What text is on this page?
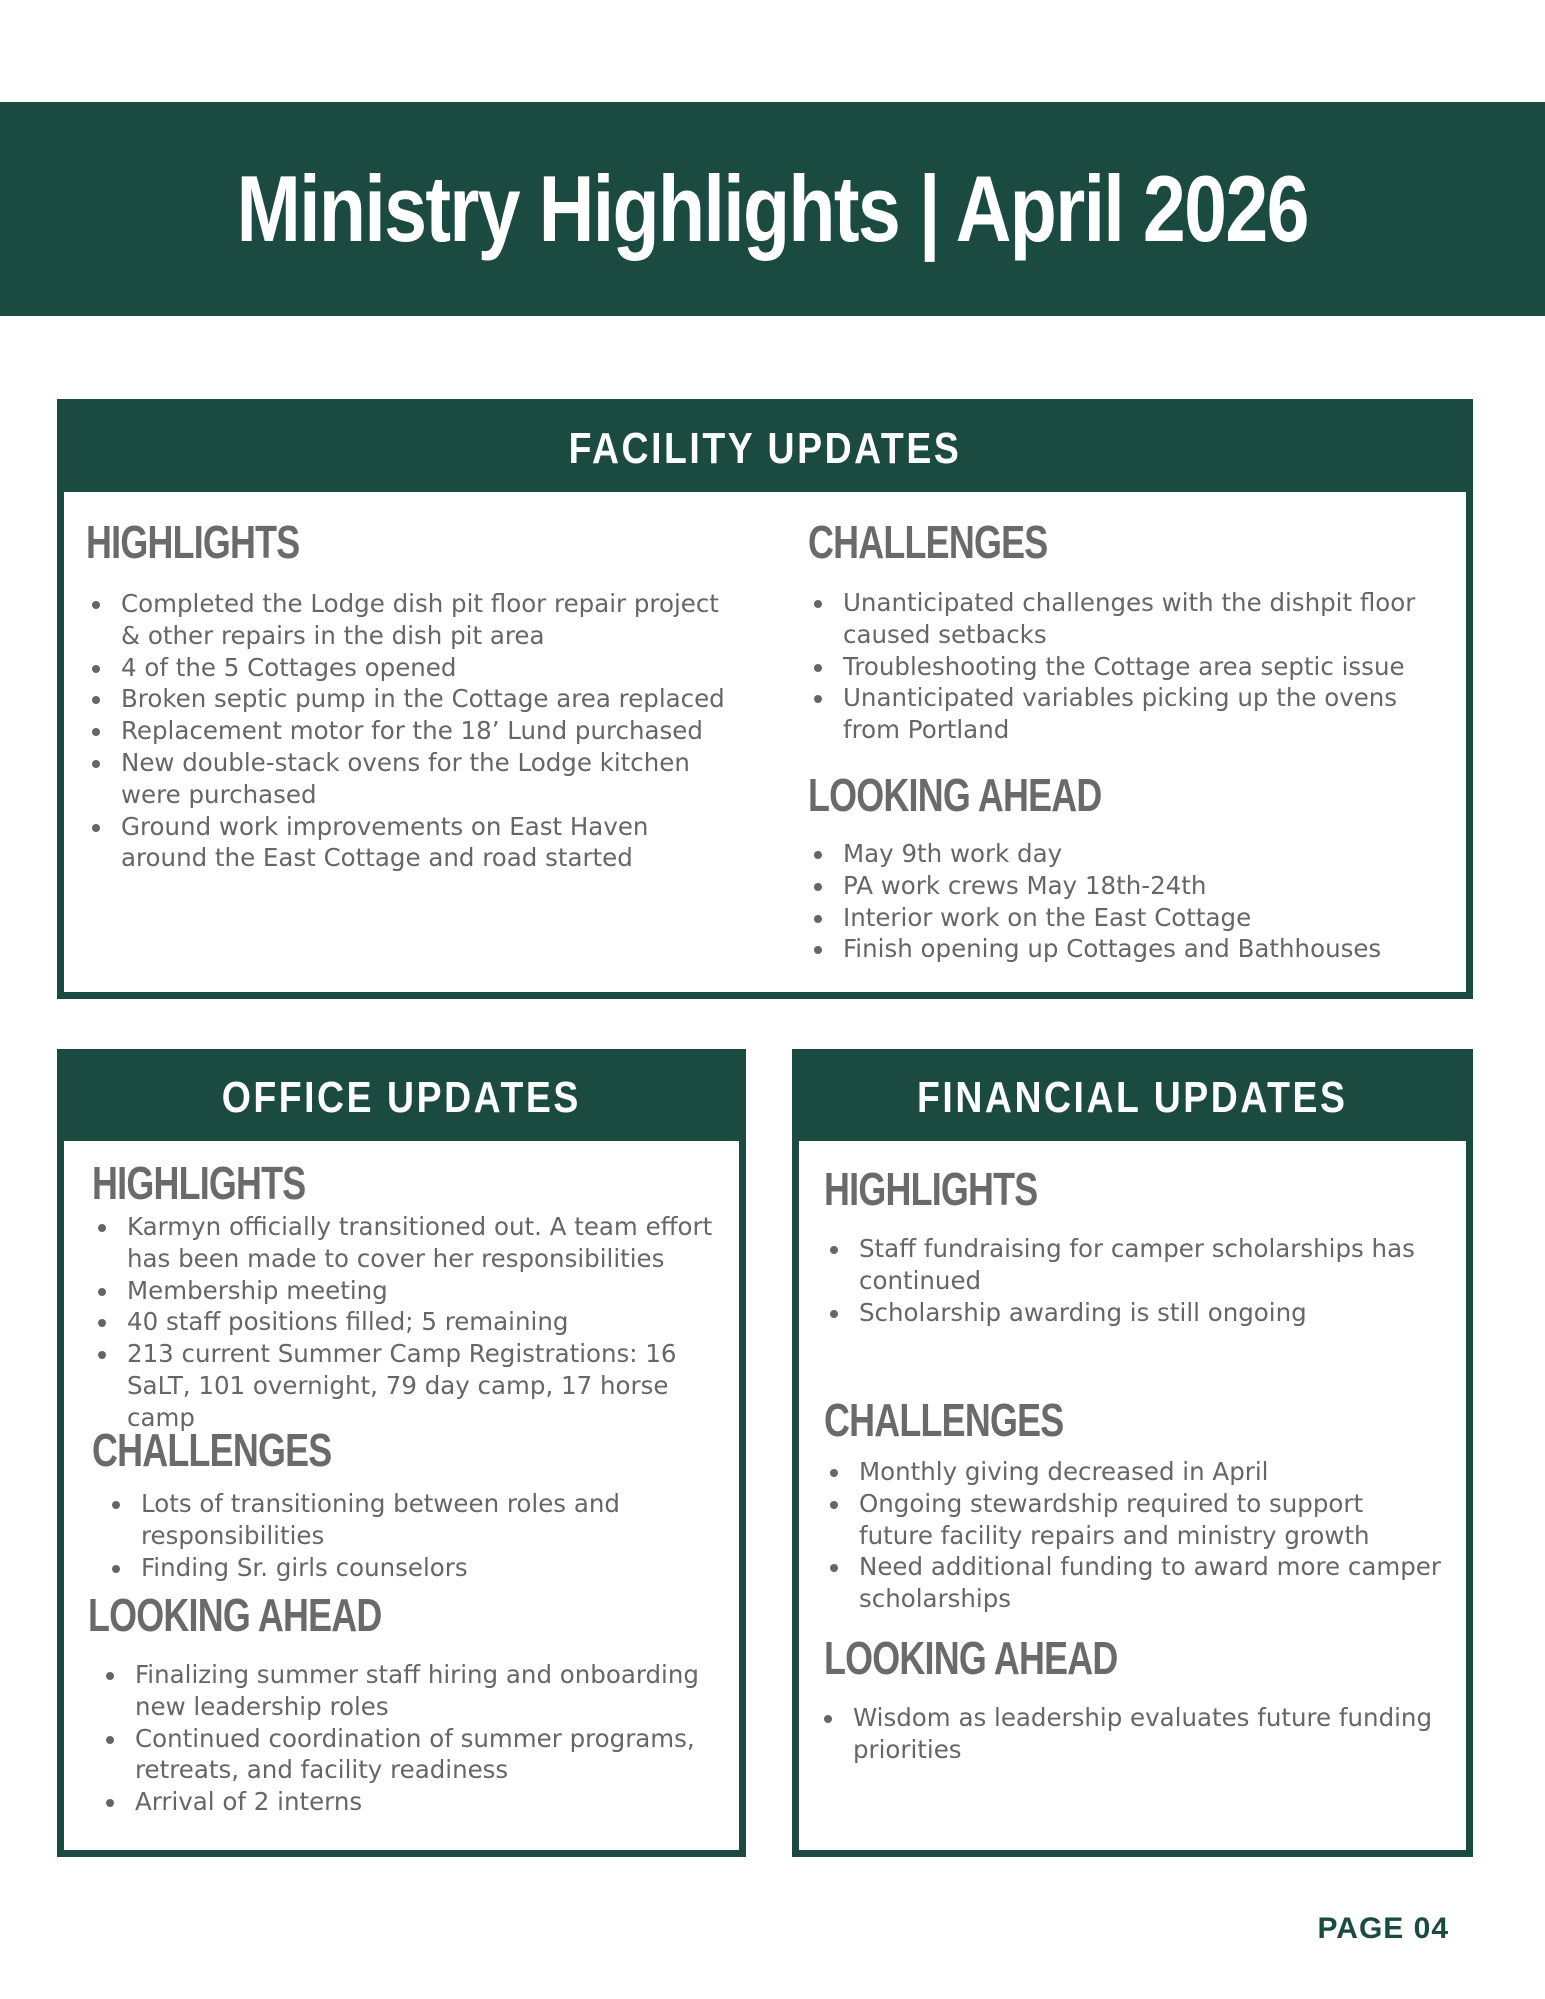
Ministry Highlights | April 2026
FACILITY UPDATES
HIGHLIGHTS
Completed the Lodge dish pit floor repair project & other repairs in the dish pit area
4 of the 5 Cottages opened
Broken septic pump in the Cottage area replaced
Replacement motor for the 18’ Lund purchased
New double-stack ovens for the Lodge kitchen were purchased
Ground work improvements on East Haven around the East Cottage and road started
CHALLENGES
Unanticipated challenges with the dishpit floor caused setbacks
Troubleshooting the Cottage area septic issue
Unanticipated variables picking up the ovens from Portland
LOOKING AHEAD
May 9th work day
PA work crews May 18th-24th
Interior work on the East Cottage
Finish opening up Cottages and Bathhouses
OFFICE UPDATES
HIGHLIGHTS
Karmyn officially transitioned out. A team effort has been made to cover her responsibilities
Membership meeting
40 staff positions filled; 5 remaining
213 current Summer Camp Registrations: 16 SaLT, 101 overnight, 79 day camp, 17 horse camp
CHALLENGES
Lots of transitioning between roles and responsibilities
Finding Sr. girls counselors
LOOKING AHEAD
Finalizing summer staff hiring and onboarding new leadership roles
Continued coordination of summer programs, retreats, and facility readiness
Arrival of 2 interns
FINANCIAL UPDATES
HIGHLIGHTS
Staff fundraising for camper scholarships has continued
Scholarship awarding is still ongoing
CHALLENGES
Monthly giving decreased in April
Ongoing stewardship required to support future facility repairs and ministry growth
Need additional funding to award more camper scholarships
LOOKING AHEAD
Wisdom as leadership evaluates future funding priorities
PAGE 04
